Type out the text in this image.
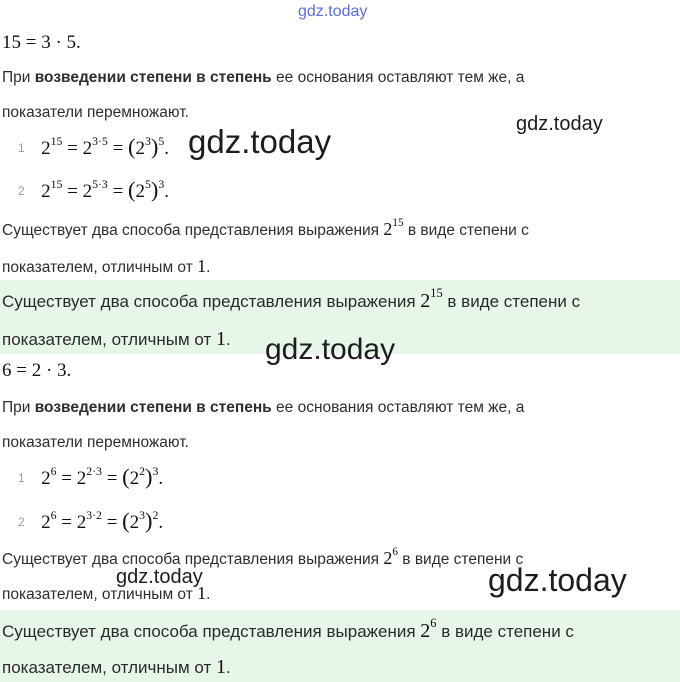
gdz.today
15 = 3 · 5.
При возведении степени в степень ее основания оставляют тем же, а
показатели перемножают.
1 $2^{15} = 2^{3\cdot 5} = (2^3)^5$.
2 $2^{15} = 2^{5\cdot 3} = (2^5)^3$.
Существует два способа представления выражения $2^{15}$ в виде степени с
показателем, отличным от 1.
Существует два способа представления выражения $2^{15}$ в виде степени с
показателем, отличным от 1.
6 = 2 · 3.
При возведении степени в степень ее основания оставляют тем же, а
показатели перемножают.
1 $2^6 = 2^{2\cdot 3} = (2^2)^3$.
2 $2^6 = 2^{3\cdot 2} = (2^3)^2$.
Существует два способа представления выражения $2^6$ в виде степени с
показателем, отличным от 1.
Существует два способа представления выражения $2^6$ в виде степени с
показателем, отличным от 1.
gdz.today
gdz.today
gdz.today
gdz.today	gdz.today
